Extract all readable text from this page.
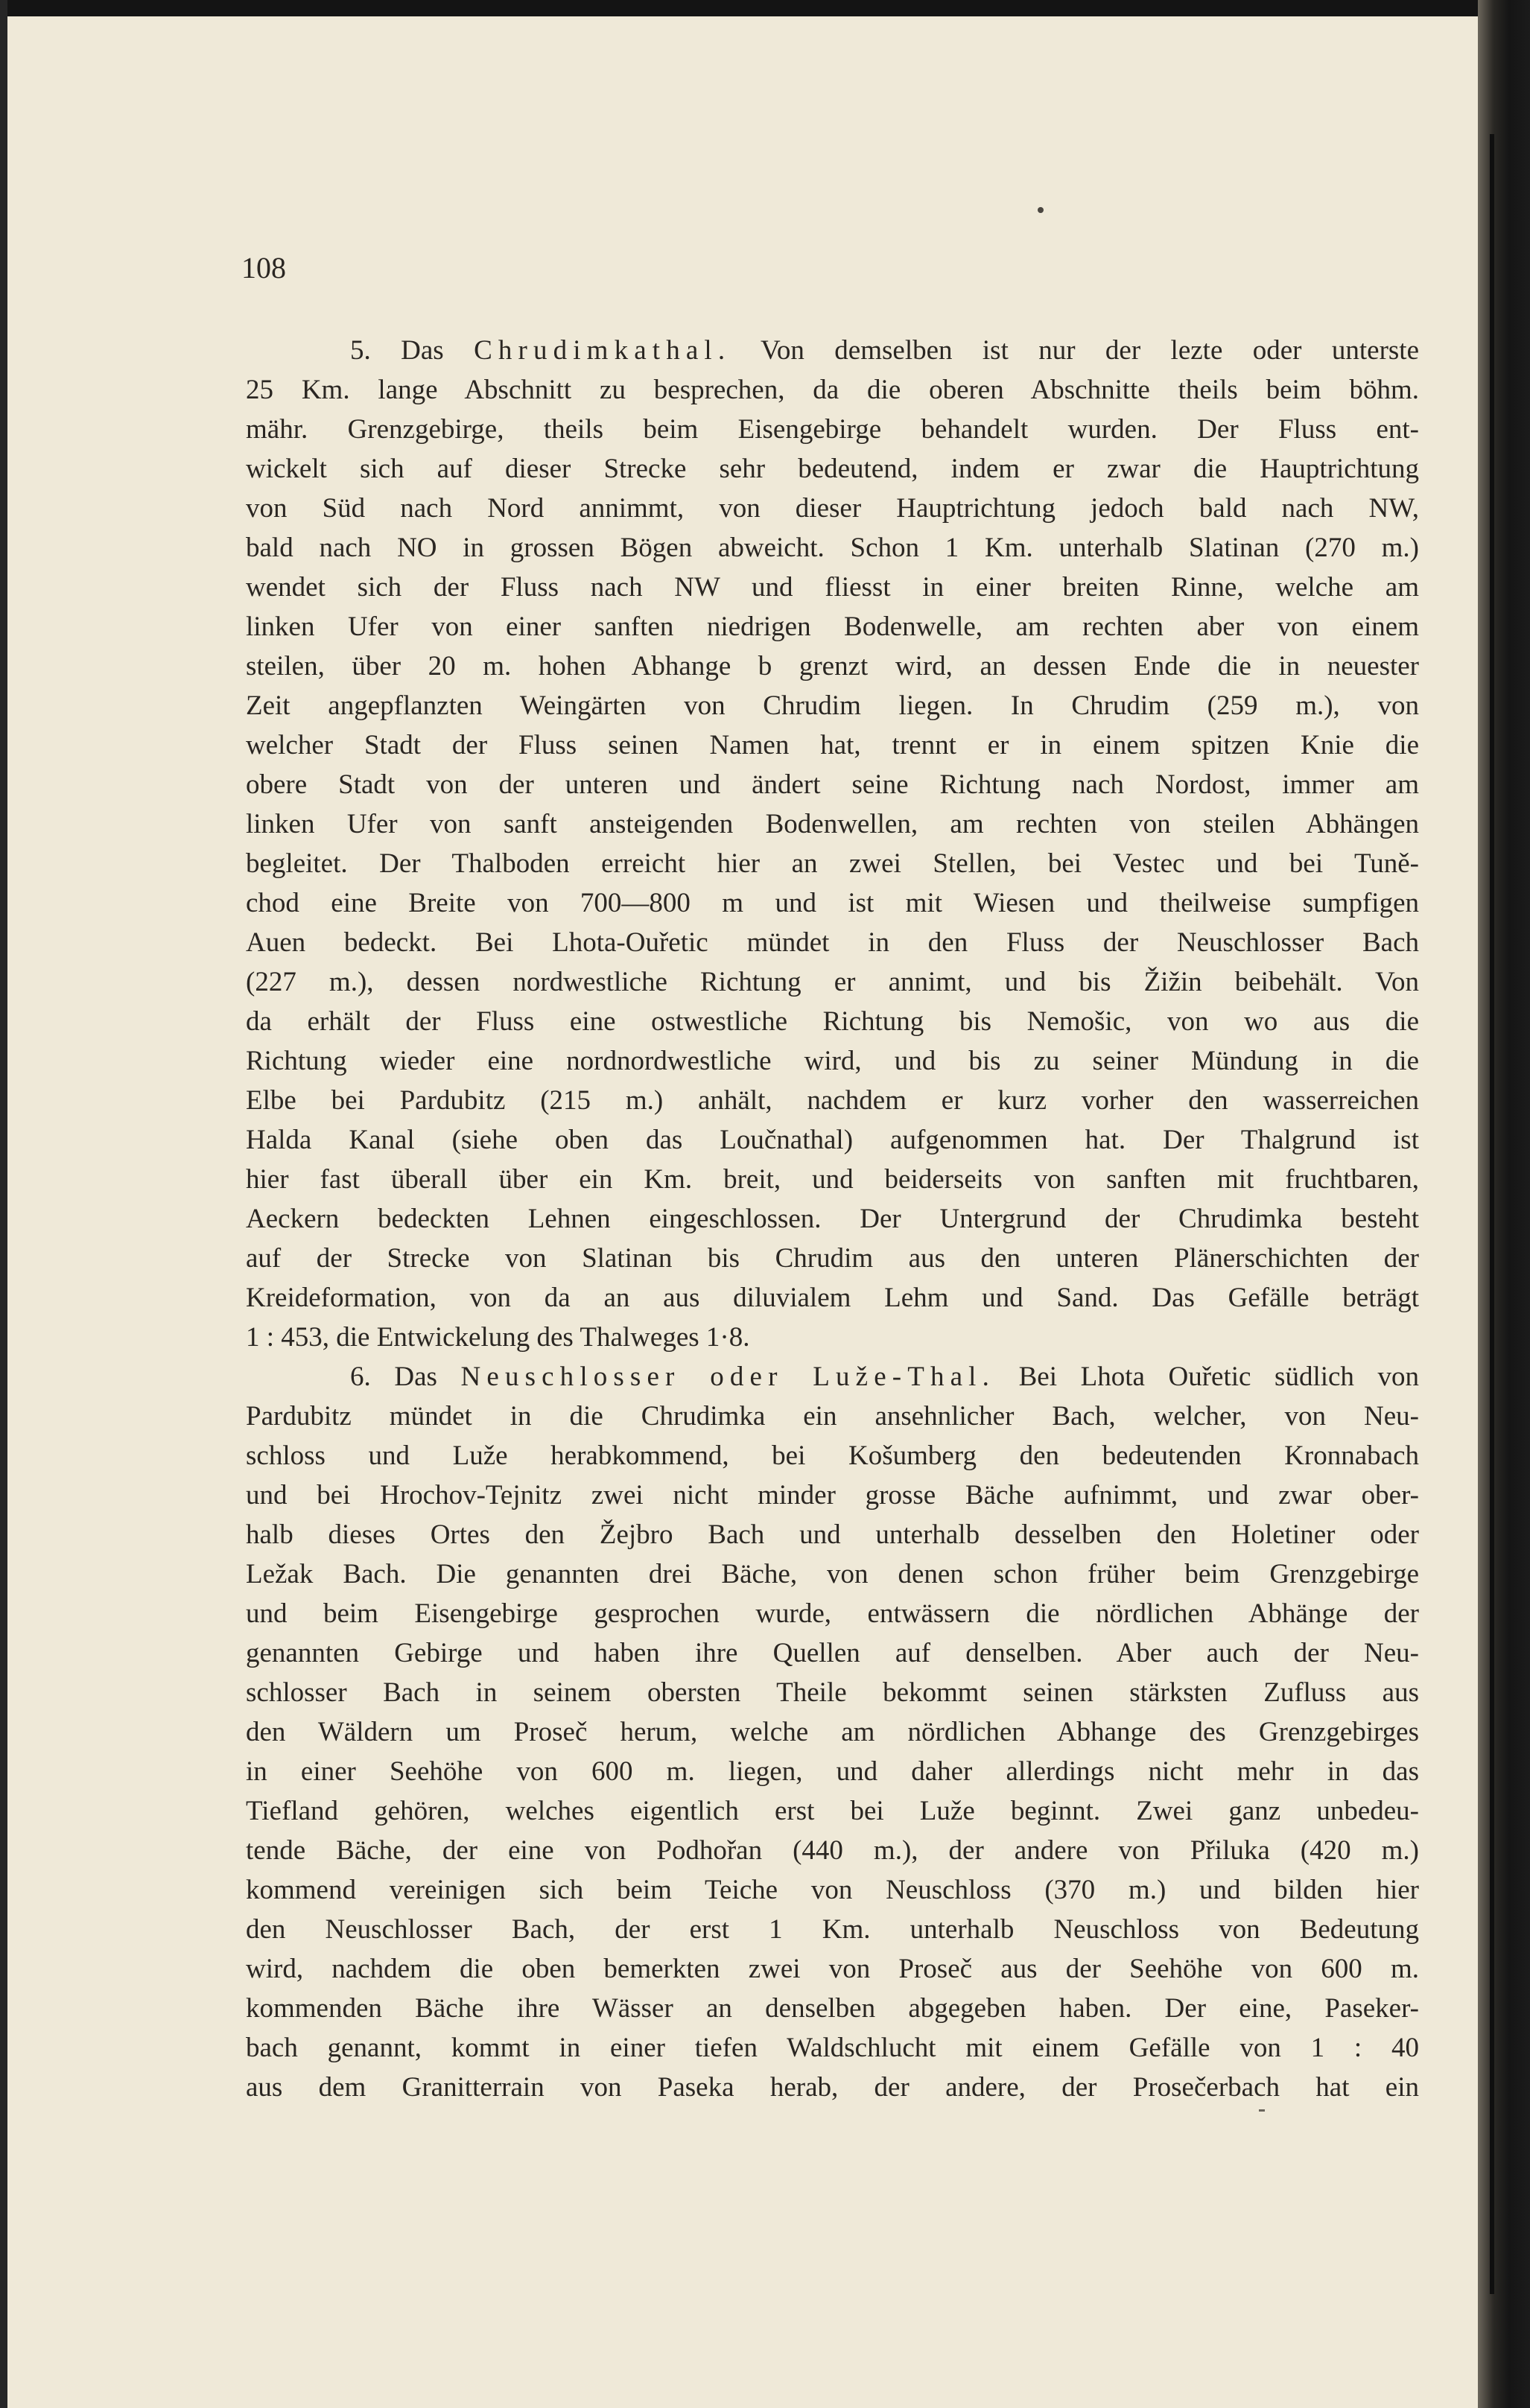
108
5. Das Chrudimkathal. Von demselben ist nur der lezte oder unterste
25 Km. lange Abschnitt zu besprechen, da die oberen Abschnitte theils beim böhm.
mähr. Grenzgebirge, theils beim Eisengebirge behandelt wurden. Der Fluss ent-
wickelt sich auf dieser Strecke sehr bedeutend, indem er zwar die Hauptrichtung
von Süd nach Nord annimmt, von dieser Hauptrichtung jedoch bald nach NW,
bald nach NO in grossen Bögen abweicht. Schon 1 Km. unterhalb Slatinan (270 m.)
wendet sich der Fluss nach NW und fliesst in einer breiten Rinne, welche am
linken Ufer von einer sanften niedrigen Bodenwelle, am rechten aber von einem
steilen, über 20 m. hohen Abhange b grenzt wird, an dessen Ende die in neuester
Zeit angepflanzten Weingärten von Chrudim liegen. In Chrudim (259 m.), von
welcher Stadt der Fluss seinen Namen hat, trennt er in einem spitzen Knie die
obere Stadt von der unteren und ändert seine Richtung nach Nordost, immer am
linken Ufer von sanft ansteigenden Bodenwellen, am rechten von steilen Abhängen
begleitet. Der Thalboden erreicht hier an zwei Stellen, bei Vestec und bei Tuně-
chod eine Breite von 700—800 m und ist mit Wiesen und theilweise sumpfigen
Auen bedeckt. Bei Lhota-Ouřetic mündet in den Fluss der Neuschlosser Bach
(227 m.), dessen nordwestliche Richtung er annimt, und bis Žižin beibehält. Von
da erhält der Fluss eine ostwestliche Richtung bis Nemošic, von wo aus die
Richtung wieder eine nordnordwestliche wird, und bis zu seiner Mündung in die
Elbe bei Pardubitz (215 m.) anhält, nachdem er kurz vorher den wasserreichen
Halda Kanal (siehe oben das Loučnathal) aufgenommen hat. Der Thalgrund ist
hier fast überall über ein Km. breit, und beiderseits von sanften mit fruchtbaren,
Aeckern bedeckten Lehnen eingeschlossen. Der Untergrund der Chrudimka besteht
auf der Strecke von Slatinan bis Chrudim aus den unteren Plänerschichten der
Kreideformation, von da an aus diluvialem Lehm und Sand. Das Gefälle beträgt
1 : 453, die Entwickelung des Thalweges 1·8.
6. Das Neuschlosser oder Luže-Thal. Bei Lhota Ouřetic südlich von
Pardubitz mündet in die Chrudimka ein ansehnlicher Bach, welcher, von Neu-
schloss und Luže herabkommend, bei Košumberg den bedeutenden Kronnabach
und bei Hrochov-Tejnitz zwei nicht minder grosse Bäche aufnimmt, und zwar ober-
halb dieses Ortes den Žejbro Bach und unterhalb desselben den Holetiner oder
Ležak Bach. Die genannten drei Bäche, von denen schon früher beim Grenzgebirge
und beim Eisengebirge gesprochen wurde, entwässern die nördlichen Abhänge der
genannten Gebirge und haben ihre Quellen auf denselben. Aber auch der Neu-
schlosser Bach in seinem obersten Theile bekommt seinen stärksten Zufluss aus
den Wäldern um Proseč herum, welche am nördlichen Abhange des Grenzgebirges
in einer Seehöhe von 600 m. liegen, und daher allerdings nicht mehr in das
Tiefland gehören, welches eigentlich erst bei Luže beginnt. Zwei ganz unbedeu-
tende Bäche, der eine von Podhořan (440 m.), der andere von Přiluka (420 m.)
kommend vereinigen sich beim Teiche von Neuschloss (370 m.) und bilden hier
den Neuschlosser Bach, der erst 1 Km. unterhalb Neuschloss von Bedeutung
wird, nachdem die oben bemerkten zwei von Proseč aus der Seehöhe von 600 m.
kommenden Bäche ihre Wässer an denselben abgegeben haben. Der eine, Paseker-
bach genannt, kommt in einer tiefen Waldschlucht mit einem Gefälle von 1 : 40
aus dem Granitterrain von Paseka herab, der andere, der Prosečerbach hat ein
